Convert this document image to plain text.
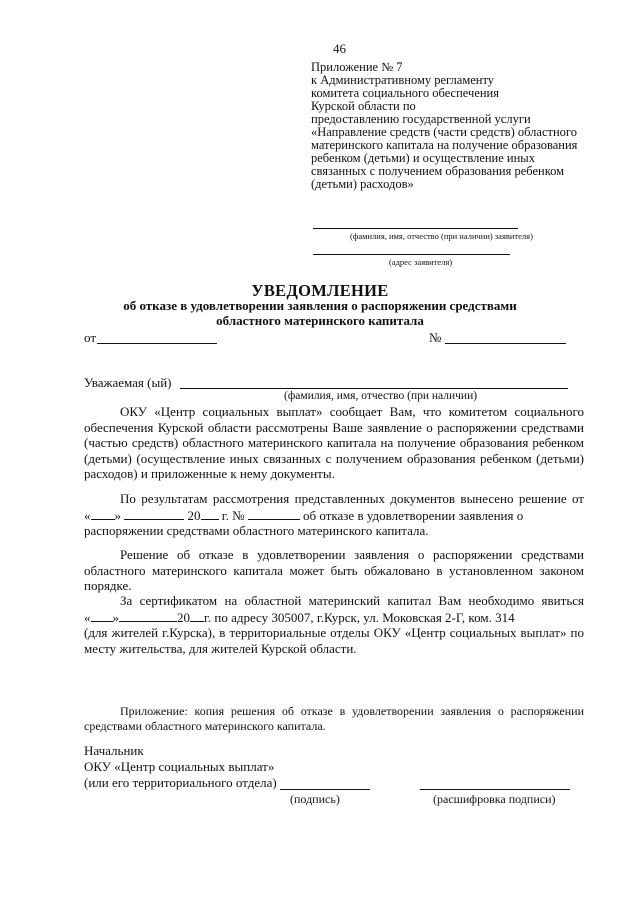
46
Приложение № 7
к Административному регламенту
комитета социального обеспечения
Курской области по
предоставлению государственной услуги
«Направление средств (части средств) областного
материнского капитала на получение образования
ребенком (детьми) и осуществление иных
связанных с получением образования ребенком
(детьми) расходов»
(фамилия, имя, отчество (при наличии) заявителя)
(адрес заявителя)
УВЕДОМЛЕНИЕ
об отказе в удовлетворении заявления о распоряжении средствами
областного материнского капитала
от	№
Уважаемая (ый)
(фамилия, имя, отчество (при наличии)
ОКУ «Центр социальных выплат» сообщает Вам, что комитетом социального
обеспечения Курской области рассмотрены Ваше заявление о распоряжении средствами
(частью средств) областного материнского капитала на получение образования ребенком
(детьми) (осуществление иных связанных с получением образования ребенком (детьми)
расходов) и приложенные к нему документы.
По результатам рассмотрения представленных документов вынесено решение от
« »	20 г. №	об отказе в удовлетворении заявления о
распоряжении средствами областного материнского капитала.
Решение об отказе в удовлетворении заявления о распоряжении средствами
областного материнского капитала может быть обжаловано в установленном законом
порядке.
За сертификатом на областной материнский капитал Вам необходимо явиться
« »	20 г. по адресу 305007, г.Курск, ул. Моковская 2-Г, ком. 314
(для жителей г.Курска), в территориальные отделы ОКУ «Центр социальных выплат» по
месту жительства, для жителей Курской области.
Приложение: копия решения об отказе в удовлетворении заявления о распоряжении
средствами областного материнского капитала.
Начальник
ОКУ «Центр социальных выплат»
(или его территориального отдела)
(подпись)	(расшифровка подписи)
